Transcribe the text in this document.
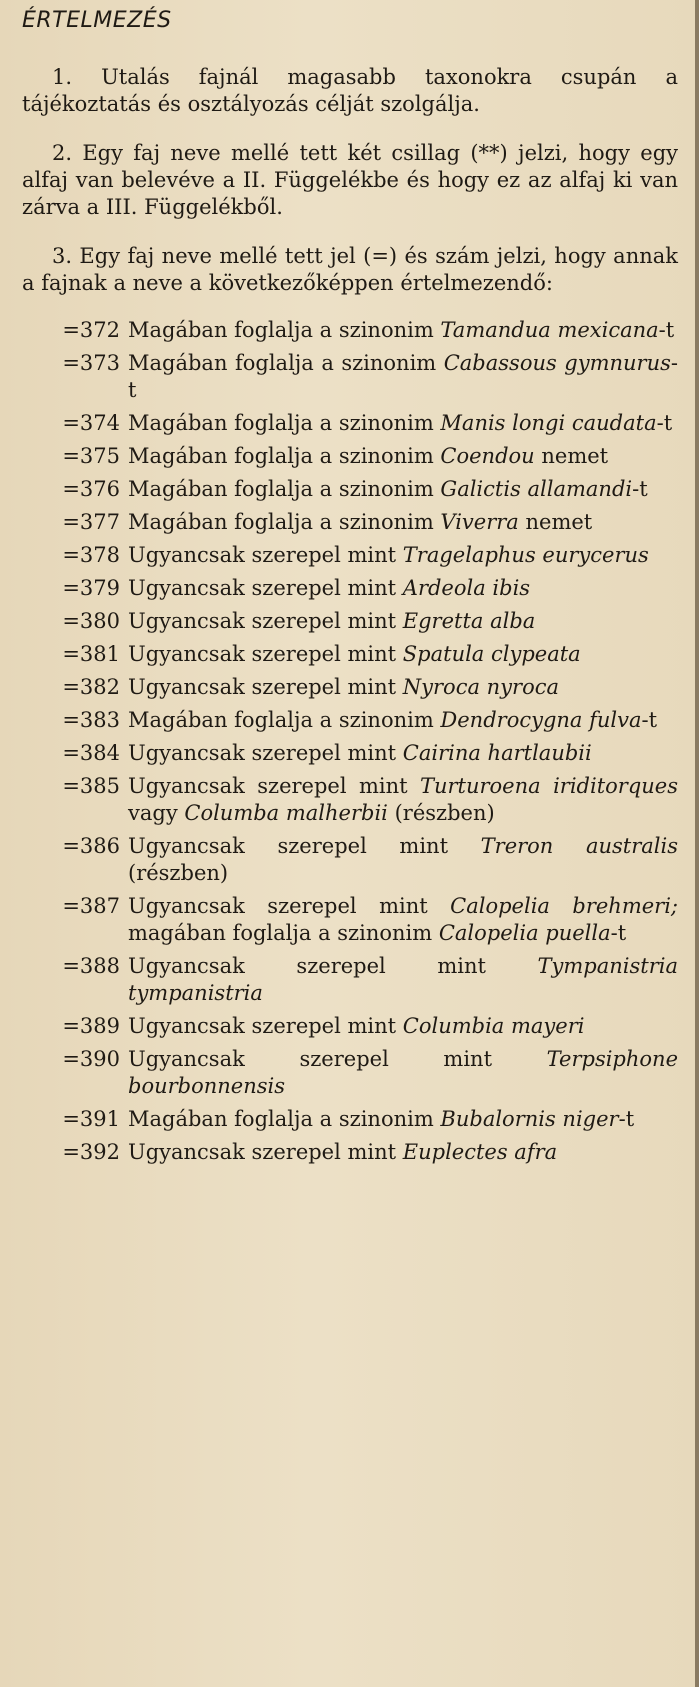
ÉRTELMEZÉS

1. Utalás fajnál magasabb taxonokra csupán a tájékoztatás és osztályozás célját szolgálja.

2. Egy faj neve mellé tett két csillag (**) jelzi, hogy egy alfaj van belevéve a II. Függelékbe és hogy ez az alfaj ki van zárva a III. Függelékből.

3. Egy faj neve mellé tett jel (=) és szám jelzi, hogy annak a fajnak a neve a következőképpen értelmezendő:

=372 Magában foglalja a szinonim Tamandua mexicana-t
=373 Magában foglalja a szinonim Cabassous gymnurus-t
=374 Magában foglalja a szinonim Manis longi caudata-t
=375 Magában foglalja a szinonim Coendou nemet
=376 Magában foglalja a szinonim Galictis allamandi-t
=377 Magában foglalja a szinonim Viverra nemet
=378 Ugyancsak szerepel mint Tragelaphus eurycerus
=379 Ugyancsak szerepel mint Ardeola ibis
=380 Ugyancsak szerepel mint Egretta alba
=381 Ugyancsak szerepel mint Spatula clypeata
=382 Ugyancsak szerepel mint Nyroca nyroca
=383 Magában foglalja a szinonim Dendrocygna fulva-t
=384 Ugyancsak szerepel mint Cairina hartlaubii
=385 Ugyancsak szerepel mint Turturoena iriditorques vagy Columba malherbii (részben)
=386 Ugyancsak szerepel mint Treron australis (részben)
=387 Ugyancsak szerepel mint Calopelia brehmeri; magában foglalja a szinonim Calopelia puella-t
=388 Ugyancsak szerepel mint Tympanistria tympanistria
=389 Ugyancsak szerepel mint Columbia mayeri
=390 Ugyancsak szerepel mint Terpsiphone bourbonnensis
=391 Magában foglalja a szinonim Bubalornis niger-t
=392 Ugyancsak szerepel mint Euplectes afra
